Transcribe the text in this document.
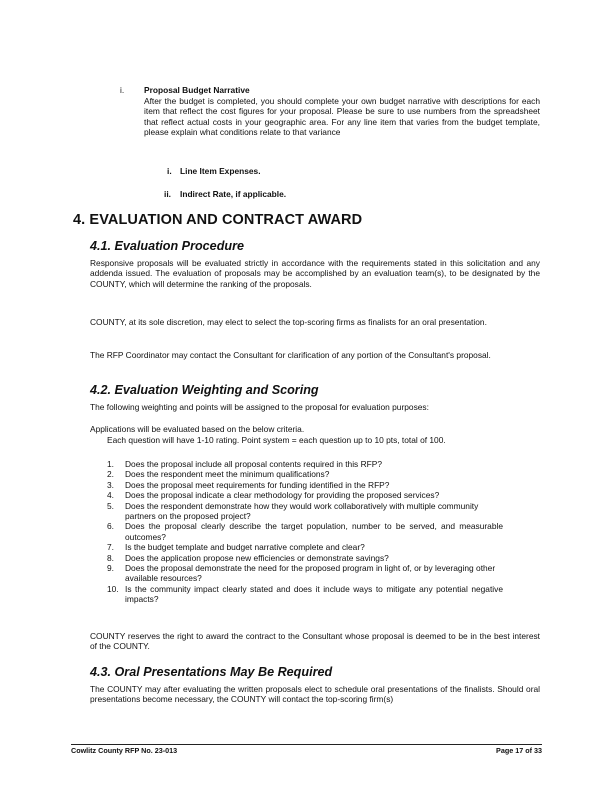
i. Proposal Budget Narrative
After the budget is completed, you should complete your own budget narrative with descriptions for each item that reflect the cost figures for your proposal. Please be sure to use numbers from the spreadsheet that reflect actual costs in your geographic area. For any line item that varies from the budget template, please explain what conditions relate to that variance
i. Line Item Expenses.
ii. Indirect Rate, if applicable.
4. EVALUATION AND CONTRACT AWARD
4.1. Evaluation Procedure
Responsive proposals will be evaluated strictly in accordance with the requirements stated in this solicitation and any addenda issued. The evaluation of proposals may be accomplished by an evaluation team(s), to be designated by the COUNTY, which will determine the ranking of the proposals.
COUNTY, at its sole discretion, may elect to select the top-scoring firms as finalists for an oral presentation.
The RFP Coordinator may contact the Consultant for clarification of any portion of the Consultant's proposal.
4.2. Evaluation Weighting and Scoring
The following weighting and points will be assigned to the proposal for evaluation purposes:
Applications will be evaluated based on the below criteria.
Each question will have 1-10 rating. Point system = each question up to 10 pts, total of 100.
1.	Does the proposal include all proposal contents required in this RFP?
2.	Does the respondent meet the minimum qualifications?
3.	Does the proposal meet requirements for funding identified in the RFP?
4.	Does the proposal indicate a clear methodology for providing the proposed services?
5.	Does the respondent demonstrate how they would work collaboratively with multiple community partners on the proposed project?
6.	Does the proposal clearly describe the target population, number to be served, and measurable outcomes?
7.	Is the budget template and budget narrative complete and clear?
8.	Does the application propose new efficiencies or demonstrate savings?
9.	Does the proposal demonstrate the need for the proposed program in light of, or by leveraging other available resources?
10. Is the community impact clearly stated and does it include ways to mitigate any potential negative impacts?
COUNTY reserves the right to award the contract to the Consultant whose proposal is deemed to be in the best interest of the COUNTY.
4.3. Oral Presentations May Be Required
The COUNTY may after evaluating the written proposals elect to schedule oral presentations of the finalists. Should oral presentations become necessary, the COUNTY will contact the top-scoring firm(s)
Cowlitz County RFP No. 23-013	Page 17 of 33
